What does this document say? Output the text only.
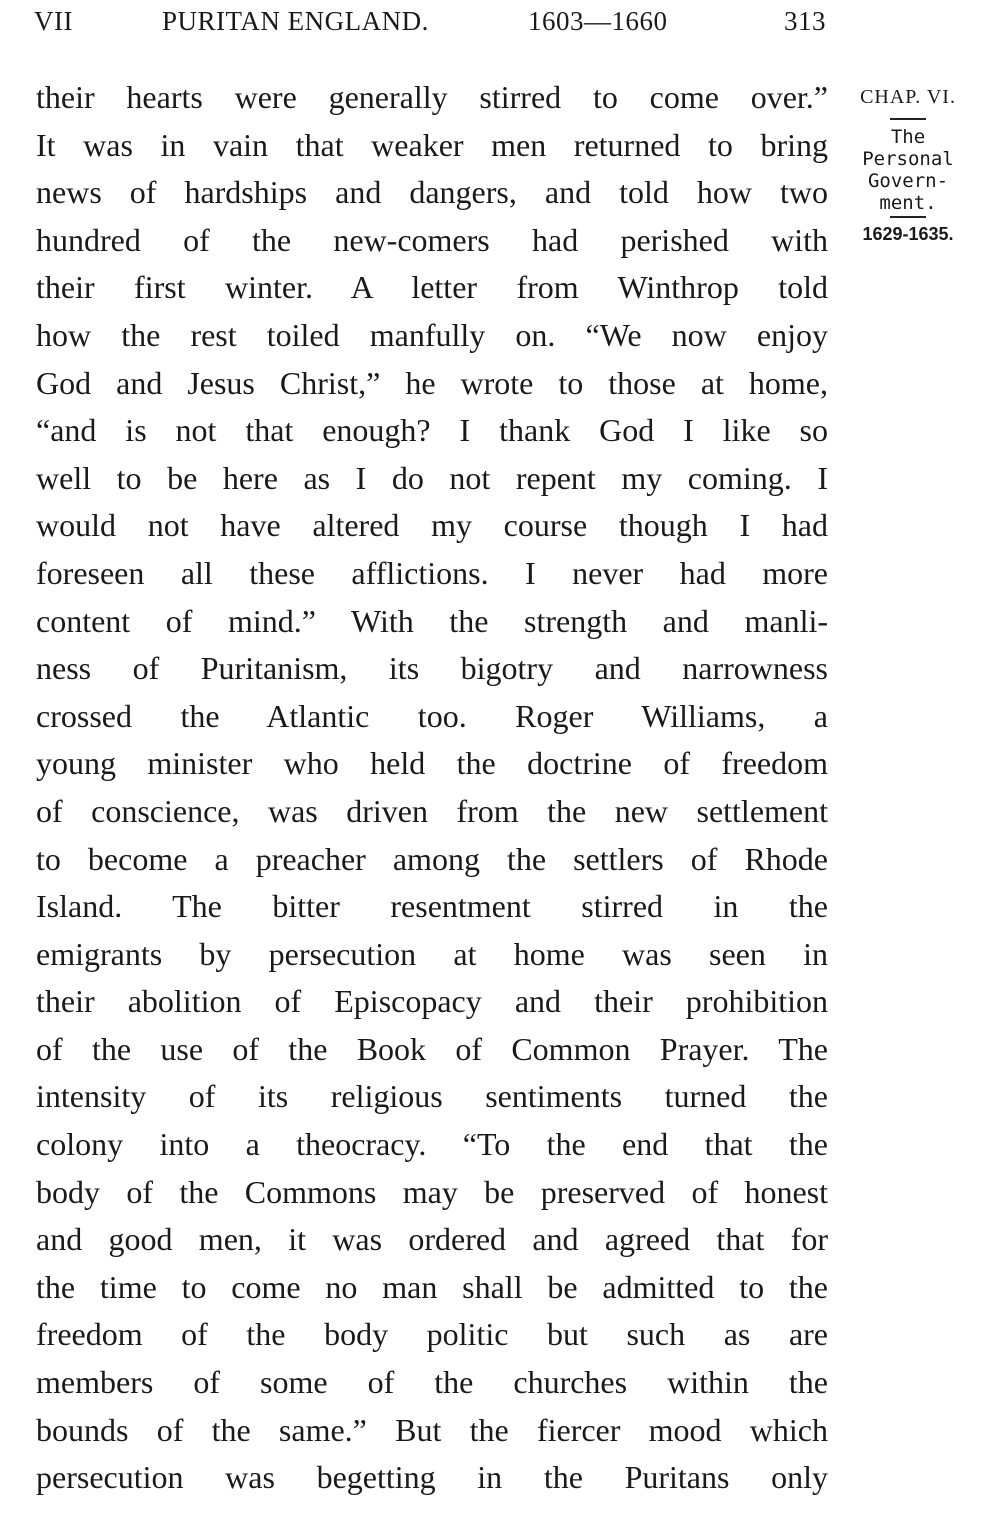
VII	PURITAN ENGLAND.	1603—1660	313
their hearts were generally stirred to come over.”
It was in vain that weaker men returned to bring
news of hardships and dangers, and told how two
hundred of the new-comers had perished with
their first winter. A letter from Winthrop told
how the rest toiled manfully on. “We now enjoy
God and Jesus Christ,” he wrote to those at home,
“and is not that enough? I thank God I like so
well to be here as I do not repent my coming. I
would not have altered my course though I had
foreseen all these afflictions. I never had more
content of mind.” With the strength and manli-
ness of Puritanism, its bigotry and narrowness
crossed the Atlantic too. Roger Williams, a
young minister who held the doctrine of freedom
of conscience, was driven from the new settlement
to become a preacher among the settlers of Rhode
Island. The bitter resentment stirred in the
emigrants by persecution at home was seen in
their abolition of Episcopacy and their prohibition
of the use of the Book of Common Prayer. The
intensity of its religious sentiments turned the
colony into a theocracy. “To the end that the
body of the Commons may be preserved of honest
and good men, it was ordered and agreed that for
the time to come no man shall be admitted to the
freedom of the body politic but such as are
members of some of the churches within the
bounds of the same.” But the fiercer mood which
persecution was begetting in the Puritans only
CHAP. VI.
The
Personal
Govern-
ment.
1629-1635.
